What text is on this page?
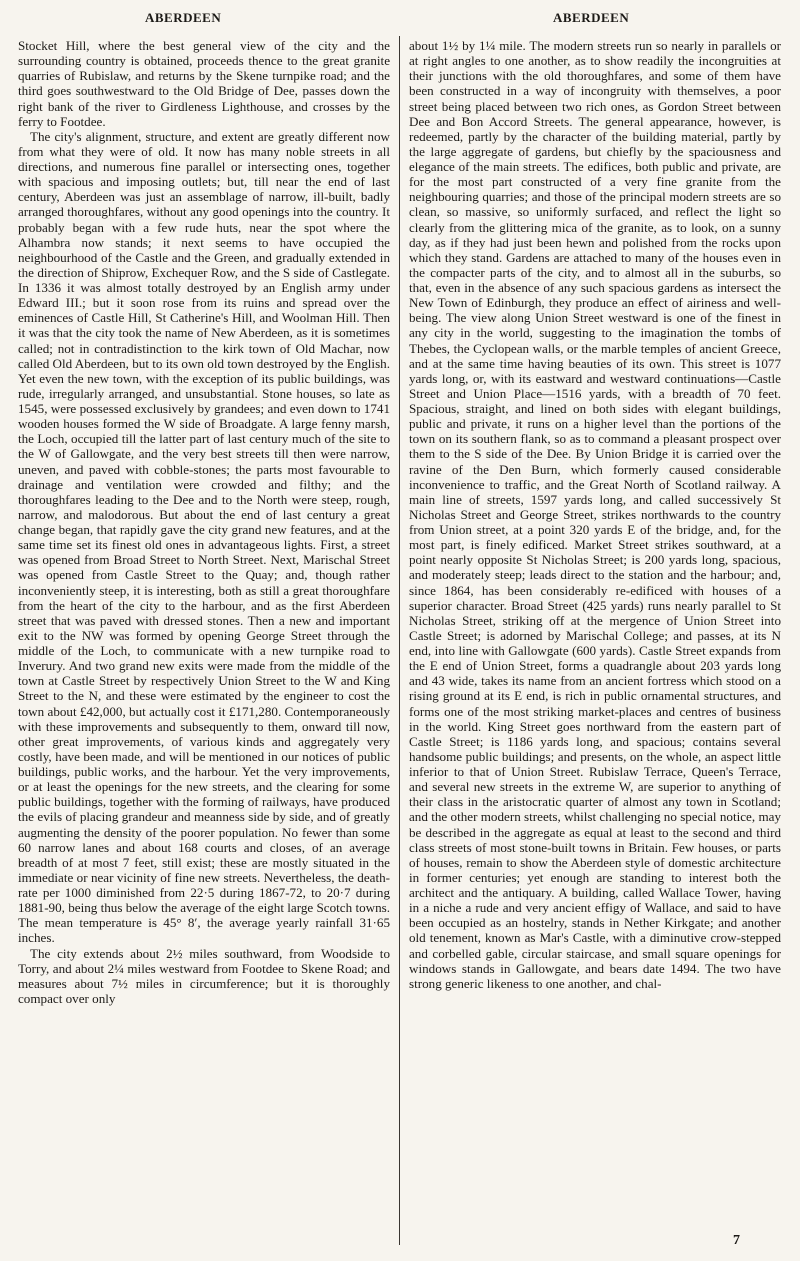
ABERDEEN	ABERDEEN

Stocket Hill, where the best general view of the city and the surrounding country is obtained, proceeds thence to the great granite quarries of Rubislaw, and returns by the Skene turnpike road; and the third goes southwestward to the Old Bridge of Dee, passes down the right bank of the river to Girdleness Lighthouse, and crosses by the ferry to Footdee.

The city's alignment, structure, and extent are greatly different now from what they were of old. It now has many noble streets in all directions, and numerous fine parallel or intersecting ones, together with spacious and imposing outlets; but, till near the end of last century, Aberdeen was just an assemblage of narrow, ill-built, badly arranged thoroughfares, without any good openings into the country. It probably began with a few rude huts, near the spot where the Alhambra now stands; it next seems to have occupied the neighbourhood of the Castle and the Green, and gradually extended in the direction of Shiprow, Exchequer Row, and the S side of Castlegate. In 1336 it was almost totally destroyed by an English army under Edward III.; but it soon rose from its ruins and spread over the eminences of Castle Hill, St Catherine's Hill, and Woolman Hill. Then it was that the city took the name of New Aberdeen, as it is sometimes called; not in contradistinction to the kirk town of Old Machar, now called Old Aberdeen, but to its own old town destroyed by the English. Yet even the new town, with the exception of its public buildings, was rude, irregularly arranged, and unsubstantial. Stone houses, so late as 1545, were possessed exclusively by grandees; and even down to 1741 wooden houses formed the W side of Broadgate. A large fenny marsh, the Loch, occupied till the latter part of last century much of the site to the W of Gallowgate, and the very best streets till then were narrow, uneven, and paved with cobble-stones; the parts most favourable to drainage and ventilation were crowded and filthy; and the thoroughfares leading to the Dee and to the North were steep, rough, narrow, and malodorous. But about the end of last century a great change began, that rapidly gave the city grand new features, and at the same time set its finest old ones in advantageous lights. First, a street was opened from Broad Street to North Street. Next, Marischal Street was opened from Castle Street to the Quay; and, though rather inconveniently steep, it is interesting, both as still a great thoroughfare from the heart of the city to the harbour, and as the first Aberdeen street that was paved with dressed stones. Then a new and important exit to the NW was formed by opening George Street through the middle of the Loch, to communicate with a new turnpike road to Inverury. And two grand new exits were made from the middle of the town at Castle Street by respectively Union Street to the W and King Street to the N, and these were estimated by the engineer to cost the town about £42,000, but actually cost it £171,280. Contemporaneously with these improvements and subsequently to them, onward till now, other great improvements, of various kinds and aggregately very costly, have been made, and will be mentioned in our notices of public buildings, public works, and the harbour. Yet the very improvements, or at least the openings for the new streets, and the clearing for some public buildings, together with the forming of railways, have produced the evils of placing grandeur and meanness side by side, and of greatly augmenting the density of the poorer population. No fewer than some 60 narrow lanes and about 168 courts and closes, of an average breadth of at most 7 feet, still exist; these are mostly situated in the immediate or near vicinity of fine new streets. Nevertheless, the death-rate per 1000 diminished from 22·5 during 1867-72, to 20·7 during 1881-90, being thus below the average of the eight large Scotch towns. The mean temperature is 45° 8′, the average yearly rainfall 31·65 inches.

The city extends about 2½ miles southward, from Woodside to Torry, and about 2¼ miles westward from Footdee to Skene Road; and measures about 7½ miles in circumference; but it is thoroughly compact over only

about 1½ by 1¼ mile. The modern streets run so nearly in parallels or at right angles to one another, as to show readily the incongruities at their junctions with the old thoroughfares, and some of them have been constructed in a way of incongruity with themselves, a poor street being placed between two rich ones, as Gordon Street between Dee and Bon Accord Streets. The general appearance, however, is redeemed, partly by the character of the building material, partly by the large aggregate of gardens, but chiefly by the spaciousness and elegance of the main streets. The edifices, both public and private, are for the most part constructed of a very fine granite from the neighbouring quarries; and those of the principal modern streets are so clean, so massive, so uniformly surfaced, and reflect the light so clearly from the glittering mica of the granite, as to look, on a sunny day, as if they had just been hewn and polished from the rocks upon which they stand. Gardens are attached to many of the houses even in the compacter parts of the city, and to almost all in the suburbs, so that, even in the absence of any such spacious gardens as intersect the New Town of Edinburgh, they produce an effect of airiness and well-being. The view along Union Street westward is one of the finest in any city in the world, suggesting to the imagination the tombs of Thebes, the Cyclopean walls, or the marble temples of ancient Greece, and at the same time having beauties of its own. This street is 1077 yards long, or, with its eastward and westward continuations—Castle Street and Union Place—1516 yards, with a breadth of 70 feet. Spacious, straight, and lined on both sides with elegant buildings, public and private, it runs on a higher level than the portions of the town on its southern flank, so as to command a pleasant prospect over them to the S side of the Dee. By Union Bridge it is carried over the ravine of the Den Burn, which formerly caused considerable inconvenience to traffic, and the Great North of Scotland railway. A main line of streets, 1597 yards long, and called successively St Nicholas Street and George Street, strikes northwards to the country from Union street, at a point 320 yards E of the bridge, and, for the most part, is finely edificed. Market Street strikes southward, at a point nearly opposite St Nicholas Street; is 200 yards long, spacious, and moderately steep; leads direct to the station and the harbour; and, since 1864, has been considerably re-edificed with houses of a superior character. Broad Street (425 yards) runs nearly parallel to St Nicholas Street, striking off at the mergence of Union Street into Castle Street; is adorned by Marischal College; and passes, at its N end, into line with Gallowgate (600 yards). Castle Street expands from the E end of Union Street, forms a quadrangle about 203 yards long and 43 wide, takes its name from an ancient fortress which stood on a rising ground at its E end, is rich in public ornamental structures, and forms one of the most striking market-places and centres of business in the world. King Street goes northward from the eastern part of Castle Street; is 1186 yards long, and spacious; contains several handsome public buildings; and presents, on the whole, an aspect little inferior to that of Union Street. Rubislaw Terrace, Queen's Terrace, and several new streets in the extreme W, are superior to anything of their class in the aristocratic quarter of almost any town in Scotland; and the other modern streets, whilst challenging no special notice, may be described in the aggregate as equal at least to the second and third class streets of most stone-built towns in Britain. Few houses, or parts of houses, remain to show the Aberdeen style of domestic architecture in former centuries; yet enough are standing to interest both the architect and the antiquary. A building, called Wallace Tower, having in a niche a rude and very ancient effigy of Wallace, and said to have been occupied as an hostelry, stands in Nether Kirkgate; and another old tenement, known as Mar's Castle, with a diminutive crow-stepped and corbelled gable, circular staircase, and small square openings for windows stands in Gallowgate, and bears date 1494. The two have strong generic likeness to one another, and chal-

7
